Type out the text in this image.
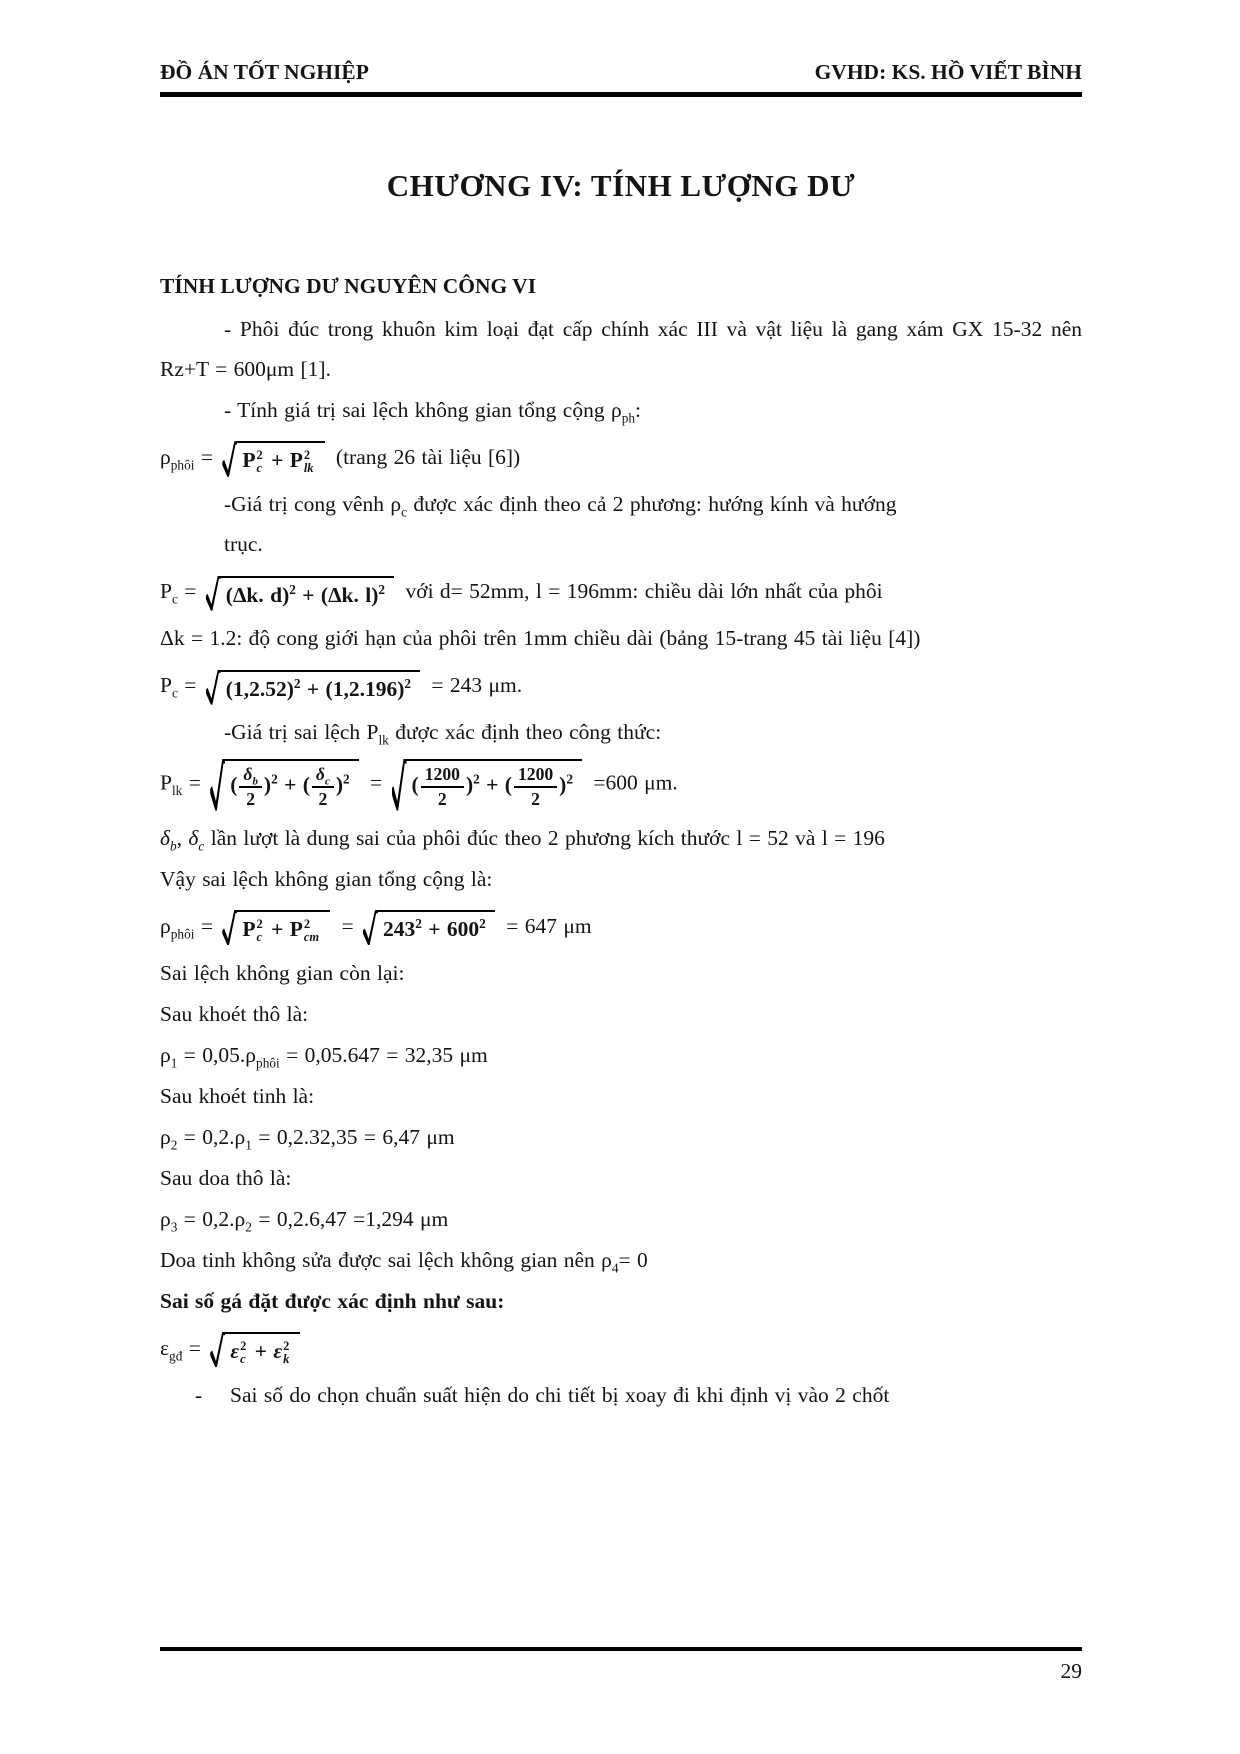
ĐỒ ÁN TỐT NGHIỆP	GVHD: KS. HỒ VIẾT BÌNH
CHƯƠNG IV: TÍNH LƯỢNG DƯ
TÍNH LƯỢNG DƯ NGUYÊN CÔNG VI
- Phôi đúc trong khuôn kim loại đạt cấp chính xác III và vật liệu là gang xám GX 15-32 nên Rz+T = 600μm [1].
- Tính giá trị sai lệch không gian tổng cộng $\rho_{ph}$:
$\rho_{phôi} = P$ 2
c + P 2
lk (trang 26 tài liệu [6])
-Giá trị cong vênh $\rho_c$ được xác định theo cả 2 phương: hướng kính và hướng
trục.
$P_c = (\Delta k$. d)$^2$ + (Δk. l)$^2$ với d= 52mm, l = 196mm: chiều dài lớn nhất của phôi
Δk = 1.2: độ cong giới hạn của phôi trên 1mm chiều dài (bảng 15-trang 45 tài liệu [4])
$P_c = (1,2.52)^2 + (1,2.196)^2 = 243$ μm.
-Giá trị sai lệch $P_{lk}$ được xác định theo công thức:
$P_{lk}$ = ( $\frac{\delta_b}{2} )^2$ + ( $\frac{\delta_c}{2} )^2$ = ( $\frac{1200}{2} )^2$ + ( $\frac{1200}{2} )^2 =600$ μm.
$\delta_b$, $\delta_c$ lần lượt là dung sai của phôi đúc theo 2 phương kích thước l = 52 và l = 196
Vậy sai lệch không gian tổng cộng là:
$\rho_{phôi} = P$ 2
c + P 2
cm = $243^2 + 600^2 = 647$ μm
Sai lệch không gian còn lại:
Sau khoét thô là:
$\rho_1 = 0,05.\rho_{phôi} = 0,05.647 = 32,35$ μm
Sau khoét tinh là:
$\rho_2 = 0,2.\rho_1 = 0,2.32,35 = 6,47$ μm
Sau doa thô là:
$\rho_3 = 0,2.\rho_2 = 0,2.6,47 =1,294$ μm
Doa tinh không sửa được sai lệch không gian nên $\rho_4= 0$
Sai số gá đặt được xác định như sau:
$\varepsilon_{gđ} = \varepsilon$ 2
c + ε 2
k
- Sai số do chọn chuẩn suất hiện do chi tiết bị xoay đi khi định vị vào 2 chốt
29
